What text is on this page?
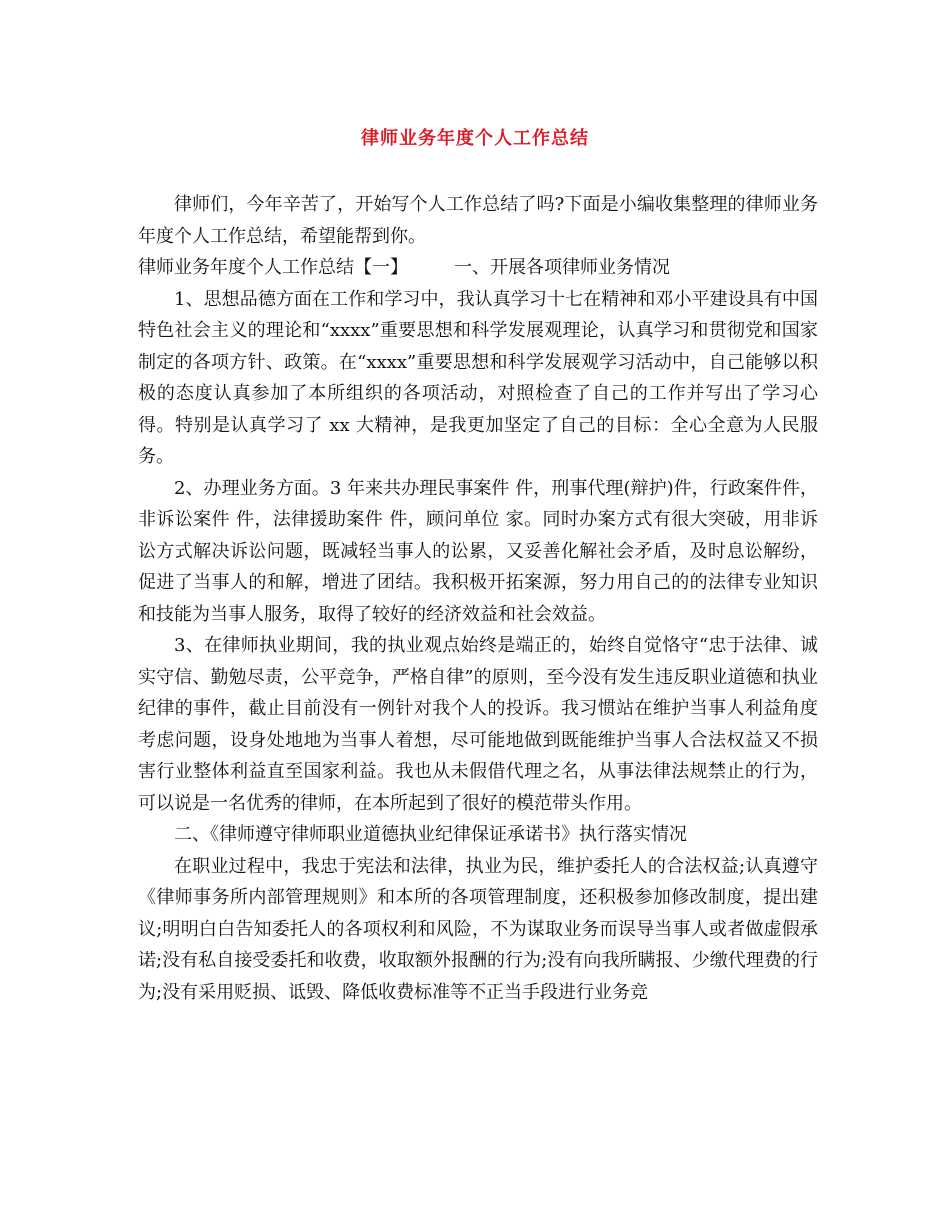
律师业务年度个人工作总结

律师们，今年辛苦了，开始写个人工作总结了吗?下面是小编收集整理的律师业务年度个人工作总结，希望能帮到你。

律师业务年度个人工作总结【一】	一、开展各项律师业务情况

1、思想品德方面在工作和学习中，我认真学习十七在精神和邓小平建设具有中国特色社会主义的理论和“xxxx”重要思想和科学发展观理论，认真学习和贯彻党和国家制定的各项方针、政策。在“xxxx”重要思想和科学发展观学习活动中，自己能够以积极的态度认真参加了本所组织的各项活动，对照检查了自己的工作并写出了学习心得。特别是认真学习了 xx 大精神，是我更加坚定了自己的目标：全心全意为人民服务。

2、办理业务方面。3 年来共办理民事案件 件，刑事代理(辩护)件，行政案件件，非诉讼案件 件，法律援助案件 件，顾问单位 家。同时办案方式有很大突破，用非诉讼方式解决诉讼问题，既减轻当事人的讼累，又妥善化解社会矛盾，及时息讼解纷，促进了当事人的和解，增进了团结。我积极开拓案源，努力用自己的的法律专业知识和技能为当事人服务，取得了较好的经济效益和社会效益。

3、在律师执业期间，我的执业观点始终是端正的，始终自觉恪守“忠于法律、诚实守信、勤勉尽责，公平竞争，严格自律”的原则，至今没有发生违反职业道德和执业纪律的事件，截止目前没有一例针对我个人的投诉。我习惯站在维护当事人利益角度考虑问题，设身处地地为当事人着想，尽可能地做到既能维护当事人合法权益又不损害行业整体利益直至国家利益。我也从未假借代理之名，从事法律法规禁止的行为，可以说是一名优秀的律师，在本所起到了很好的模范带头作用。

二、《律师遵守律师职业道德执业纪律保证承诺书》执行落实情况

在职业过程中，我忠于宪法和法律，执业为民，维护委托人的合法权益;认真遵守《律师事务所内部管理规则》和本所的各项管理制度，还积极参加修改制度，提出建议;明明白白告知委托人的各项权利和风险，不为谋取业务而误导当事人或者做虚假承诺;没有私自接受委托和收费，收取额外报酬的行为;没有向我所瞒报、少缴代理费的行为;没有采用贬损、诋毁、降低收费标准等不正当手段进行业务竞
